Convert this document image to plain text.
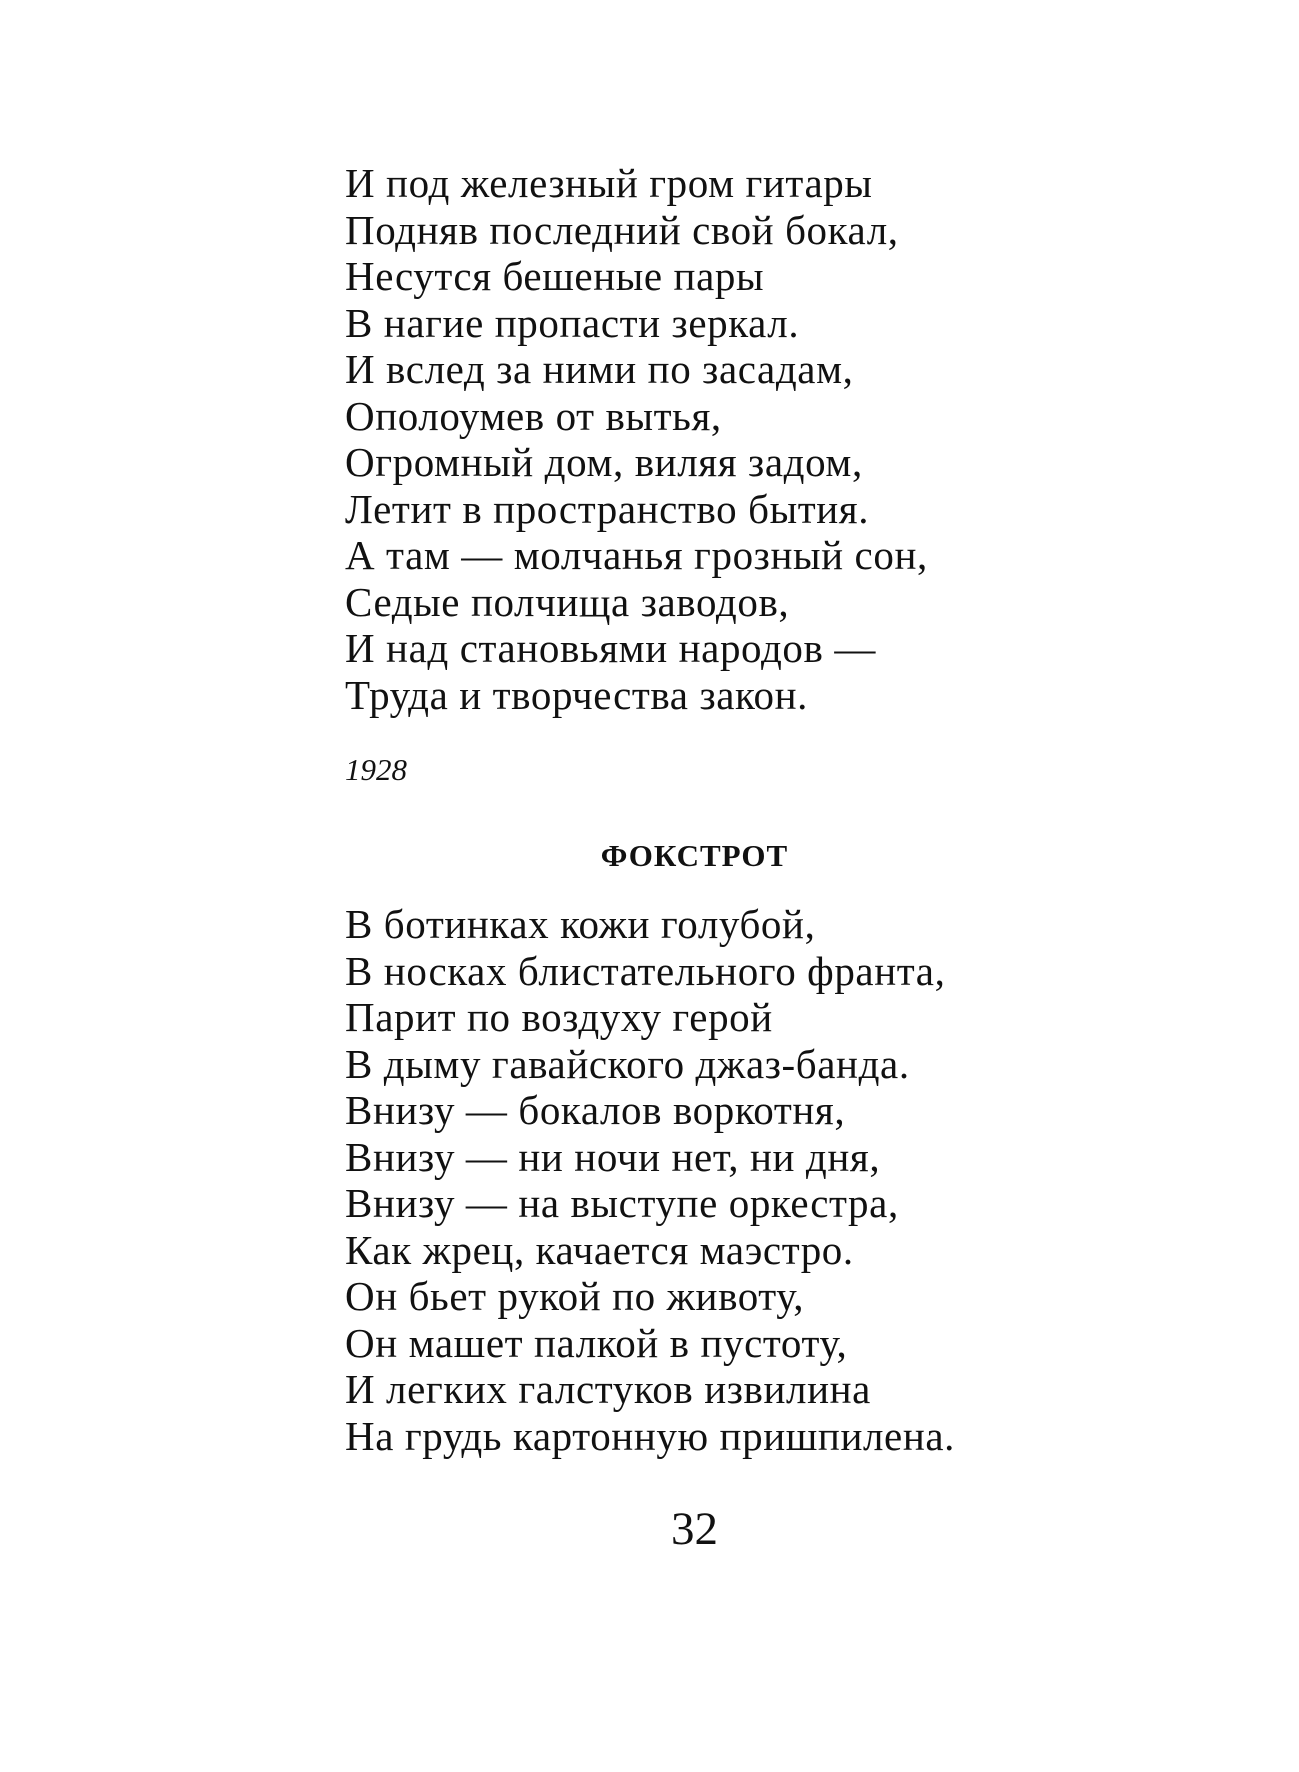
И под железный гром гитары
Подняв последний свой бокал,
Несутся бешеные пары
В нагие пропасти зеркал.
И вслед за ними по засадам,
Ополоумев от вытья,
Огромный дом, виляя задом,
Летит в пространство бытия.
А там — молчанья грозный сон,
Седые полчища заводов,
И над становьями народов —
Труда и творчества закон.

1928

ФОКСТРОТ
В ботинках кожи голубой,
В носках блистательного франта,
Парит по воздуху герой
В дыму гавайского джаз-банда.
Внизу — бокалов воркотня,
Внизу — ни ночи нет, ни дня,
Внизу — на выступе оркестра,
Как жрец, качается маэстро.
Он бьет рукой по животу,
Он машет палкой в пустоту,
И легких галстуков извилина
На грудь картонную пришпилена.

32
